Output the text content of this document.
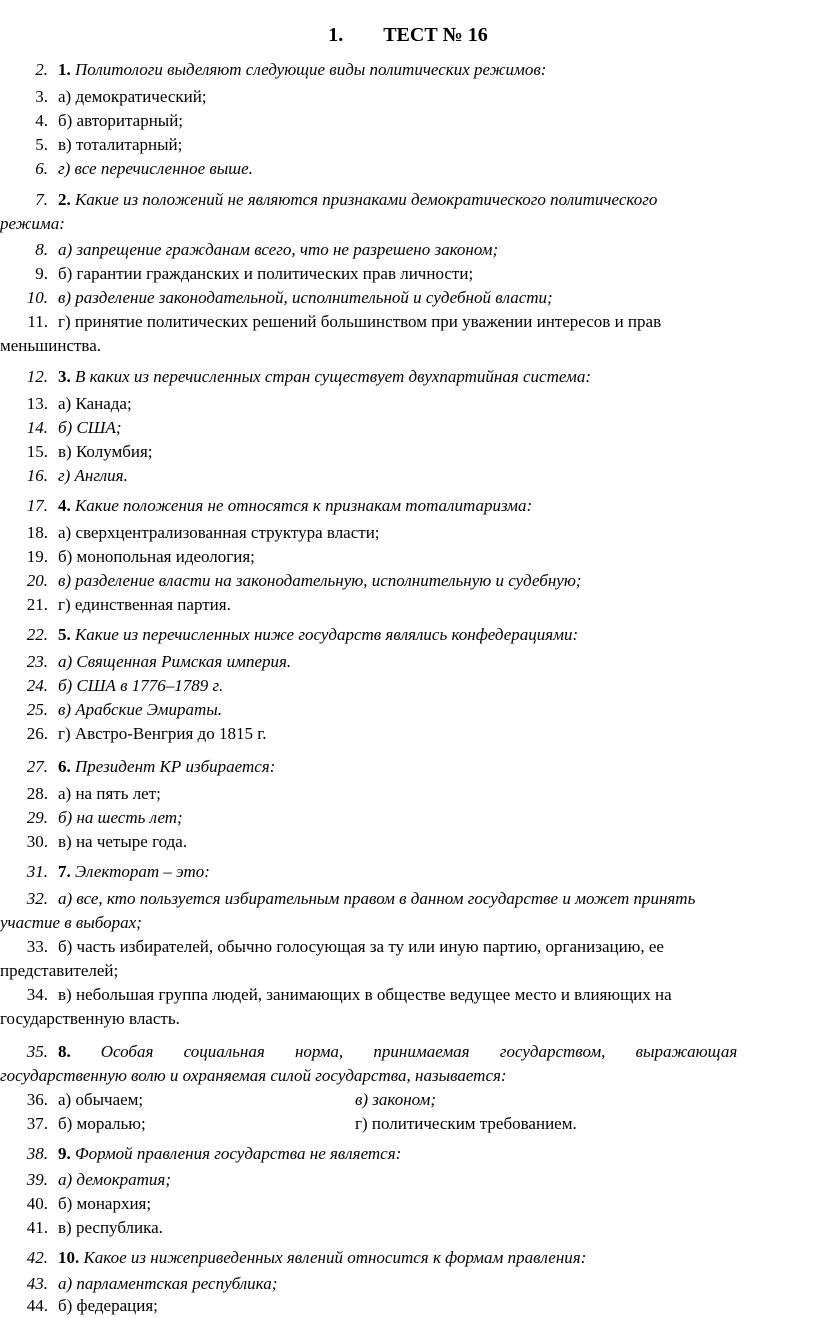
1.        ТЕСТ № 16
2. 1. Политологи выделяют следующие виды политических режимов:
3. а) демократический;
4. б) авторитарный;
5. в) тоталитарный;
6. г) все перечисленное выше.
7. 2. Какие из положений не являются признаками демократического политического
режима:
8. а) запрещение гражданам всего, что не разрешено законом;
9. б) гарантии гражданских и политических прав личности;
10. в) разделение законодательной, исполнительной и судебной власти;
11. г) принятие политических решений большинством при уважении интересов и прав
меньшинства.
12. 3. В каких из перечисленных стран существует двухпартийная система:
13. а) Канада;
14. б) США;
15. в) Колумбия;
16. г) Англия.
17. 4. Какие положения не относятся к признакам тоталитаризма:
18. а) сверхцентрализованная структура власти;
19. б) монопольная идеология;
20. в) разделение власти на законодательную, исполнительную и судебную;
21. г) единственная партия.
22. 5. Какие из перечисленных ниже государств являлись конфедерациями:
23. а) Священная Римская империя.
24. б) США в 1776–1789 г.
25. в) Арабские Эмираты.
26. г) Австро-Венгрия до 1815 г.
27. 6. Президент КР избирается:
28. а) на пять лет;
29. б) на шесть лет;
30. в) на четыре года.
31. 7. Электорат – это:
32. а) все, кто пользуется избирательным правом в данном государстве и может принять
участие в выборах;
33. б) часть избирателей, обычно голосующая за ту или иную партию, организацию, ее
представителей;
34. в) небольшая группа людей, занимающих в обществе ведущее место и влияющих на
государственную власть.
35. 8. Особая социальная норма, принимаемая государством, выражающая
государственную волю и охраняемая силой государства, называется:
36. а) обычаем;	в) законом;
37. б) моралью;	г) политическим требованием.
38. 9. Формой правления государства не является:
39. а) демократия;
40. б) монархия;
41. в) республика.
42. 10. Какое из нижеприведенных явлений относится к формам правления:
43. а) парламентская республика;
44. б) федерация;
